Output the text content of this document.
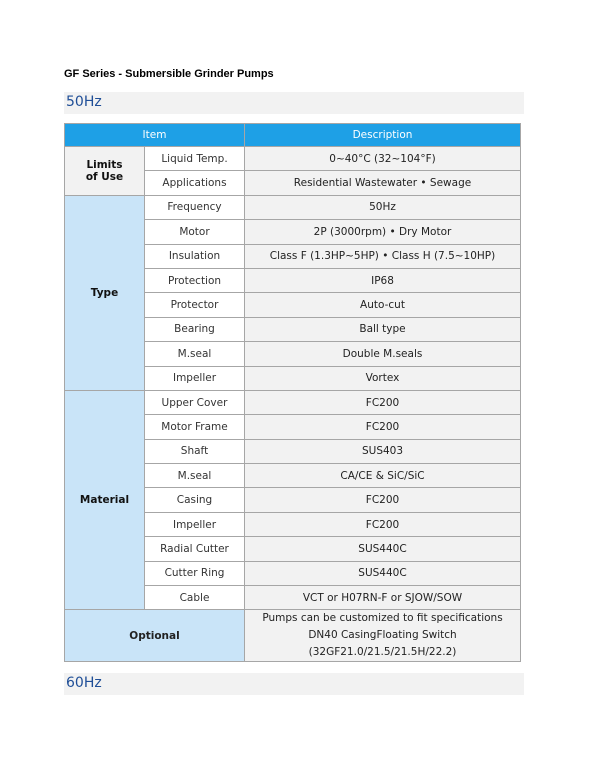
GF Series - Submersible Grinder Pumps
50Hz
Item		Description

Limits
of Use	Liquid Temp.	0~40°C (32~104°F)
	Applications	Residential Wastewater • Sewage
Type	Frequency	50Hz
	Motor	2P (3000rpm) • Dry Motor
	Insulation	Class F (1.3HP~5HP) • Class H (7.5~10HP)
	Protection	IP68
	Protector	Auto-cut
	Bearing	Ball type
	M.seal	Double M.seals
	Impeller	Vortex
Material	Upper Cover	FC200
	Motor Frame	FC200
	Shaft	SUS403
	M.seal	CA/CE & SiC/SiC
	Casing	FC200
	Impeller	FC200
	Radial Cutter	SUS440C
	Cutter Ring	SUS440C
	Cable	VCT or H07RN-F or SJOW/SOW
Optional		Pumps can be customized to fit specifications
DN40 CasingFloating Switch
(32GF21.0/21.5/21.5H/22.2)
60Hz
